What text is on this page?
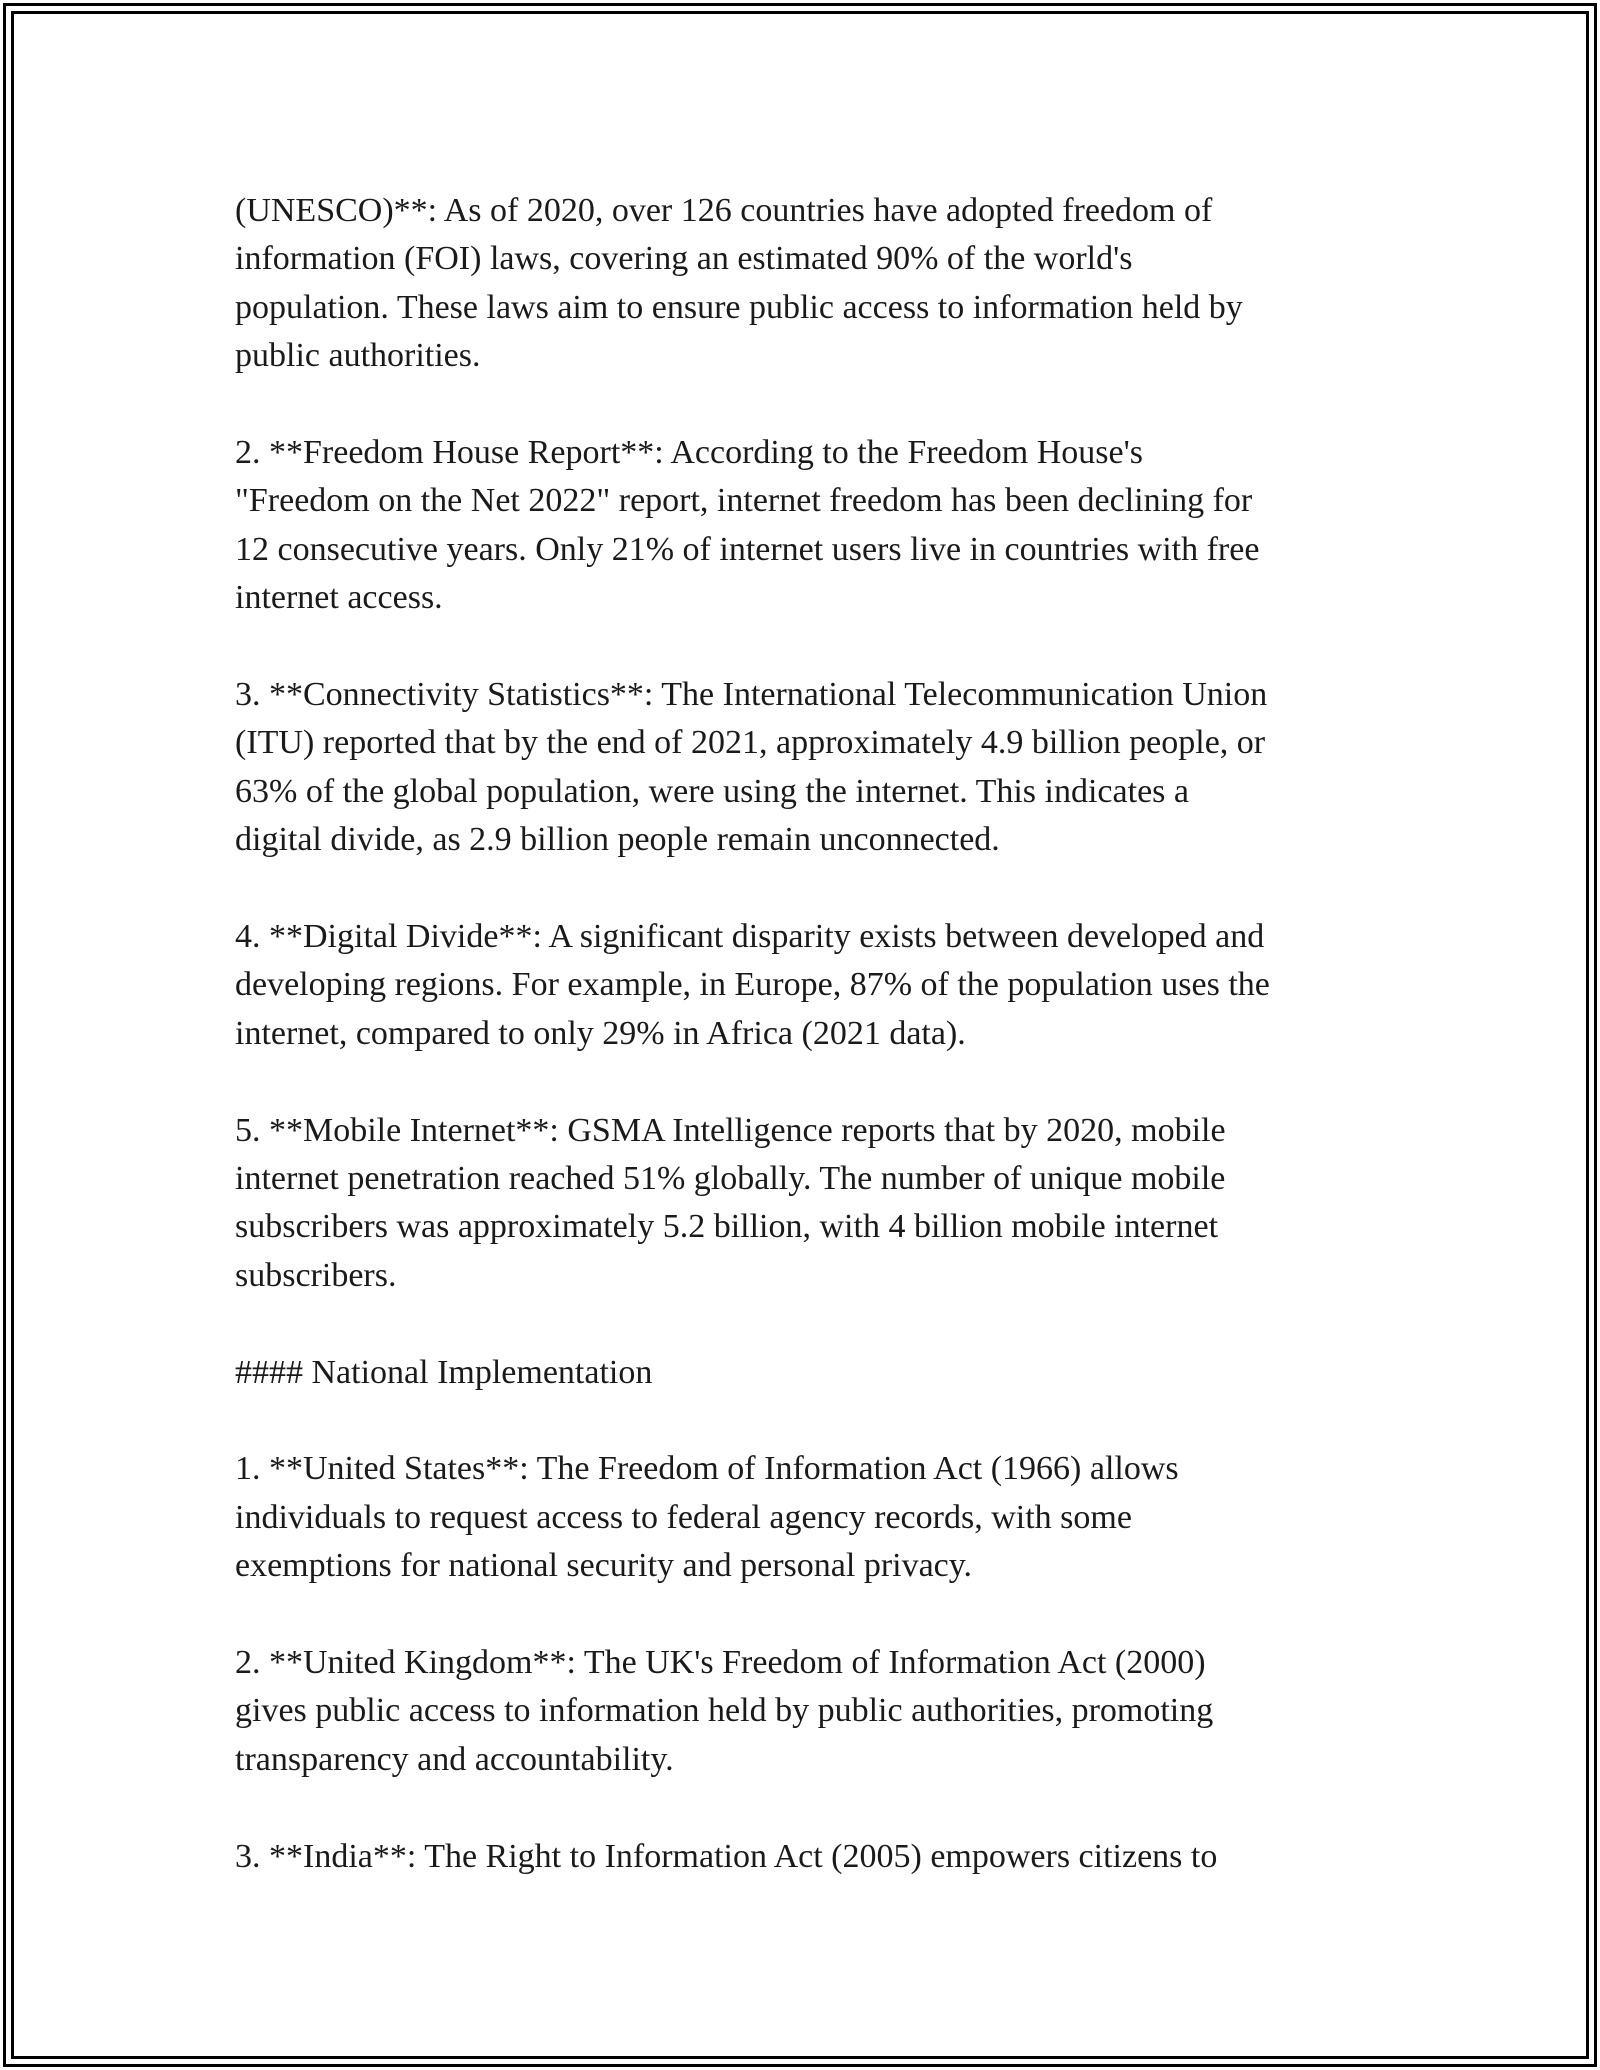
(UNESCO)**: As of 2020, over 126 countries have adopted freedom of
information (FOI) laws, covering an estimated 90% of the world's
population. These laws aim to ensure public access to information held by
public authorities.

2. **Freedom House Report**: According to the Freedom House's
"Freedom on the Net 2022" report, internet freedom has been declining for
12 consecutive years. Only 21% of internet users live in countries with free
internet access.

3. **Connectivity Statistics**: The International Telecommunication Union
(ITU) reported that by the end of 2021, approximately 4.9 billion people, or
63% of the global population, were using the internet. This indicates a
digital divide, as 2.9 billion people remain unconnected.

4. **Digital Divide**: A significant disparity exists between developed and
developing regions. For example, in Europe, 87% of the population uses the
internet, compared to only 29% in Africa (2021 data).

5. **Mobile Internet**: GSMA Intelligence reports that by 2020, mobile
internet penetration reached 51% globally. The number of unique mobile
subscribers was approximately 5.2 billion, with 4 billion mobile internet
subscribers.

#### National Implementation

1. **United States**: The Freedom of Information Act (1966) allows
individuals to request access to federal agency records, with some
exemptions for national security and personal privacy.

2. **United Kingdom**: The UK's Freedom of Information Act (2000)
gives public access to information held by public authorities, promoting
transparency and accountability.

3. **India**: The Right to Information Act (2005) empowers citizens to
